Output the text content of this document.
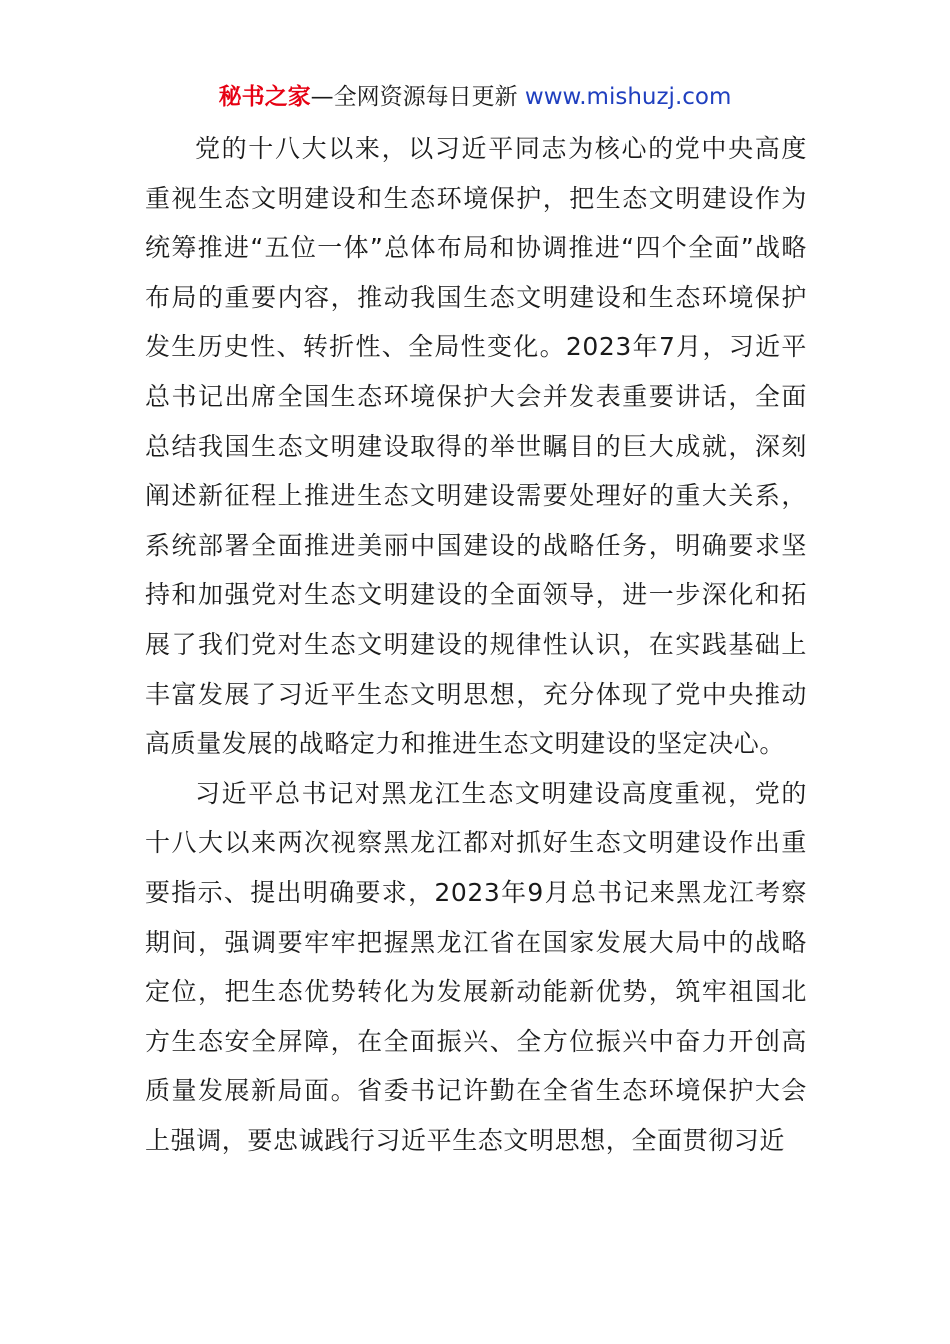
秘书之家—全网资源每日更新 www.mishuzj.com

党的十八大以来，以习近平同志为核心的党中央高度重视生态文明建设和生态环境保护，把生态文明建设作为统筹推进“五位一体”总体布局和协调推进“四个全面”战略布局的重要内容，推动我国生态文明建设和生态环境保护发生历史性、转折性、全局性变化。2023年7月，习近平总书记出席全国生态环境保护大会并发表重要讲话，全面总结我国生态文明建设取得的举世瞩目的巨大成就，深刻阐述新征程上推进生态文明建设需要处理好的重大关系，系统部署全面推进美丽中国建设的战略任务，明确要求坚持和加强党对生态文明建设的全面领导，进一步深化和拓展了我们党对生态文明建设的规律性认识，在实践基础上丰富发展了习近平生态文明思想，充分体现了党中央推动高质量发展的战略定力和推进生态文明建设的坚定决心。

习近平总书记对黑龙江生态文明建设高度重视，党的十八大以来两次视察黑龙江都对抓好生态文明建设作出重要指示、提出明确要求，2023年9月总书记来黑龙江考察期间，强调要牢牢把握黑龙江省在国家发展大局中的战略定位，把生态优势转化为发展新动能新优势，筑牢祖国北方生态安全屏障，在全面振兴、全方位振兴中奋力开创高质量发展新局面。省委书记许勤在全省生态环境保护大会上强调，要忠诚践行习近平生态文明思想，全面贯彻习近
